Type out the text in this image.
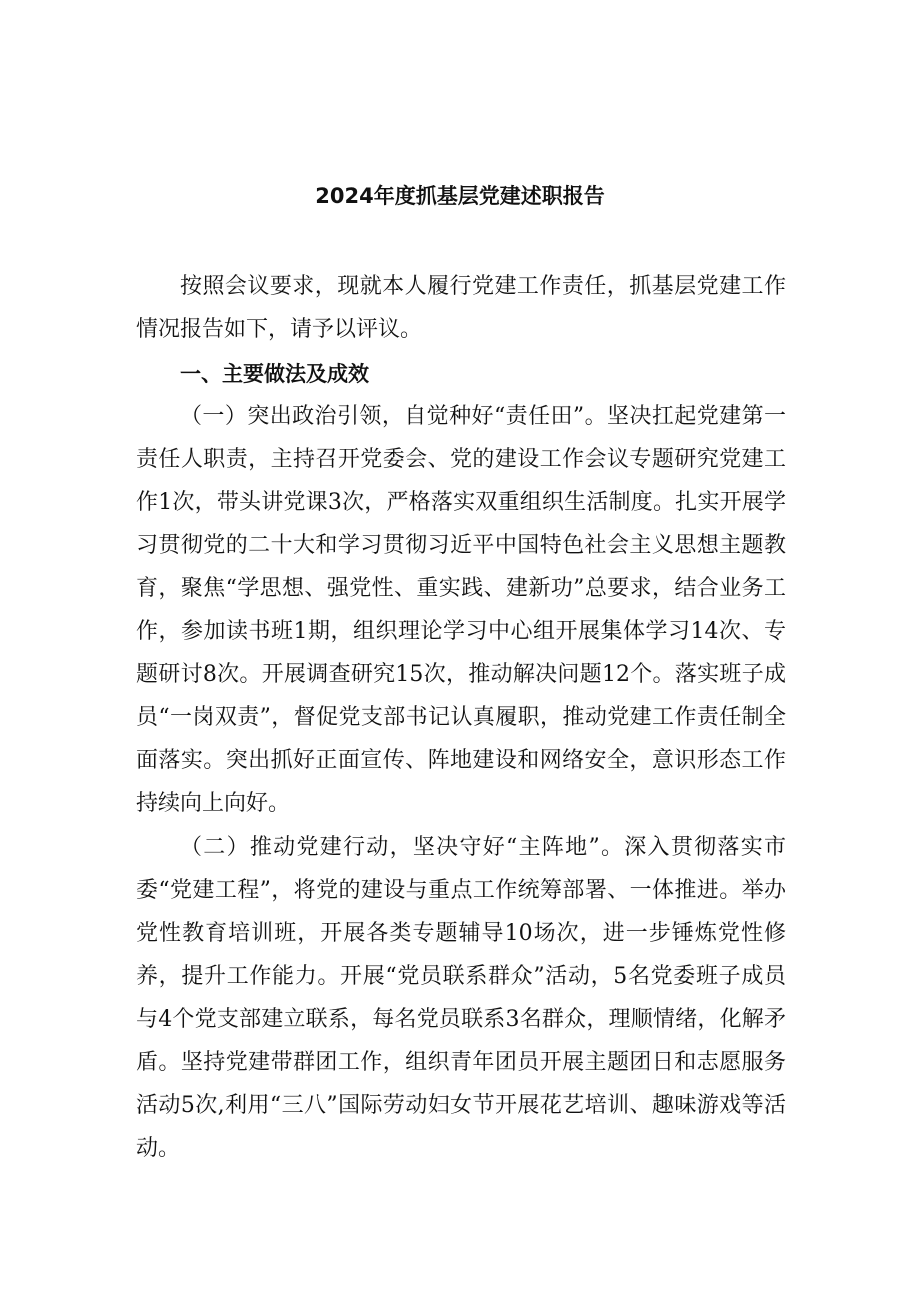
2024年度抓基层党建述职报告

按照会议要求，现就本人履行党建工作责任，抓基层党建工作情况报告如下，请予以评议。

一、主要做法及成效

（一）突出政治引领，自觉种好“责任田”。坚决扛起党建第一责任人职责，主持召开党委会、党的建设工作会议专题研究党建工作1次，带头讲党课3次，严格落实双重组织生活制度。扎实开展学习贯彻党的二十大和学习贯彻习近平中国特色社会主义思想主题教育，聚焦“学思想、强党性、重实践、建新功”总要求，结合业务工作，参加读书班1期，组织理论学习中心组开展集体学习14次、专题研讨8次。开展调查研究15次，推动解决问题12个。落实班子成员“一岗双责”，督促党支部书记认真履职，推动党建工作责任制全面落实。突出抓好正面宣传、阵地建设和网络安全，意识形态工作持续向上向好。

（二）推动党建行动，坚决守好“主阵地”。深入贯彻落实市委“党建工程”，将党的建设与重点工作统筹部署、一体推进。举办党性教育培训班，开展各类专题辅导10场次，进一步锤炼党性修养，提升工作能力。开展“党员联系群众”活动，5名党委班子成员与4个党支部建立联系，每名党员联系3名群众，理顺情绪，化解矛盾。坚持党建带群团工作，组织青年团员开展主题团日和志愿服务活动5次,利用“三八”国际劳动妇女节开展花艺培训、趣味游戏等活动。
